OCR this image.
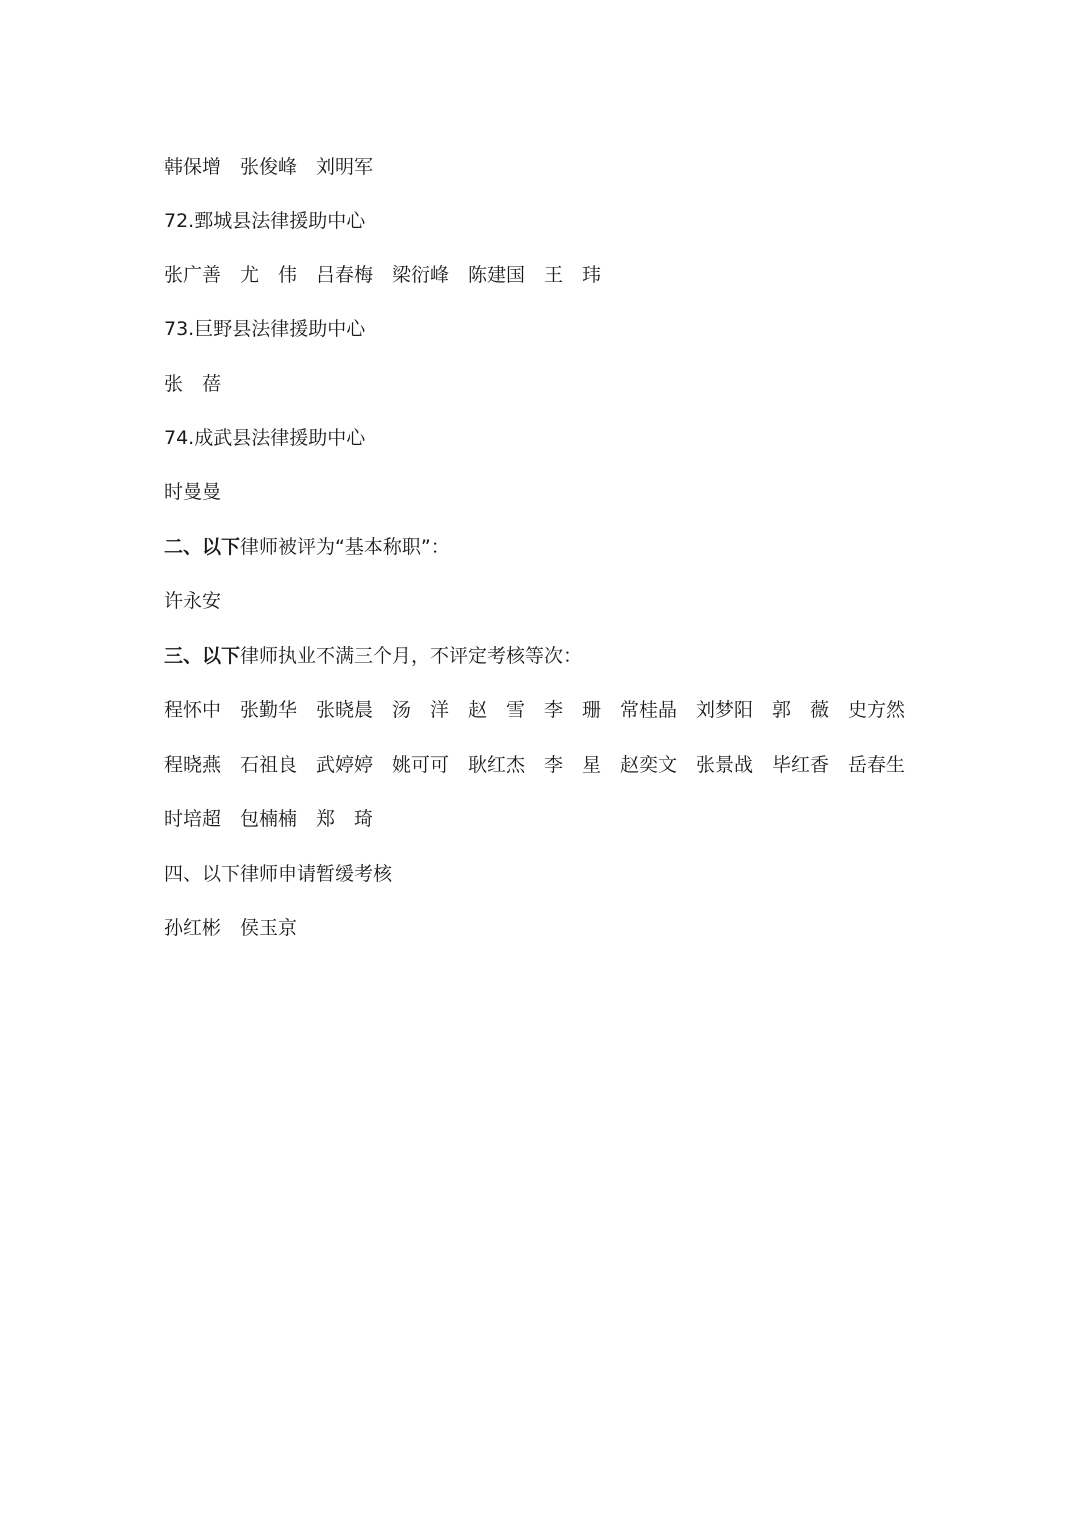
韩保增 张俊峰 刘明军
72.鄄城县法律援助中心
张广善 尤　伟 吕春梅 梁衍峰 陈建国 王　玮
73.巨野县法律援助中心
张　蓓
74.成武县法律援助中心
时曼曼
二、以下律师被评为“基本称职”：
许永安
三、以下律师执业不满三个月，不评定考核等次：
程怀中 张勤华 张晓晨 汤　洋 赵　雪 李　珊 常桂晶 刘梦阳 郭　薇 史方然
程晓燕 石祖良 武婷婷 姚可可 耿红杰 李　星 赵奕文 张景战 毕红香 岳春生
时培超 包楠楠 郑　琦
四、以下律师申请暂缓考核
孙红彬 侯玉京
